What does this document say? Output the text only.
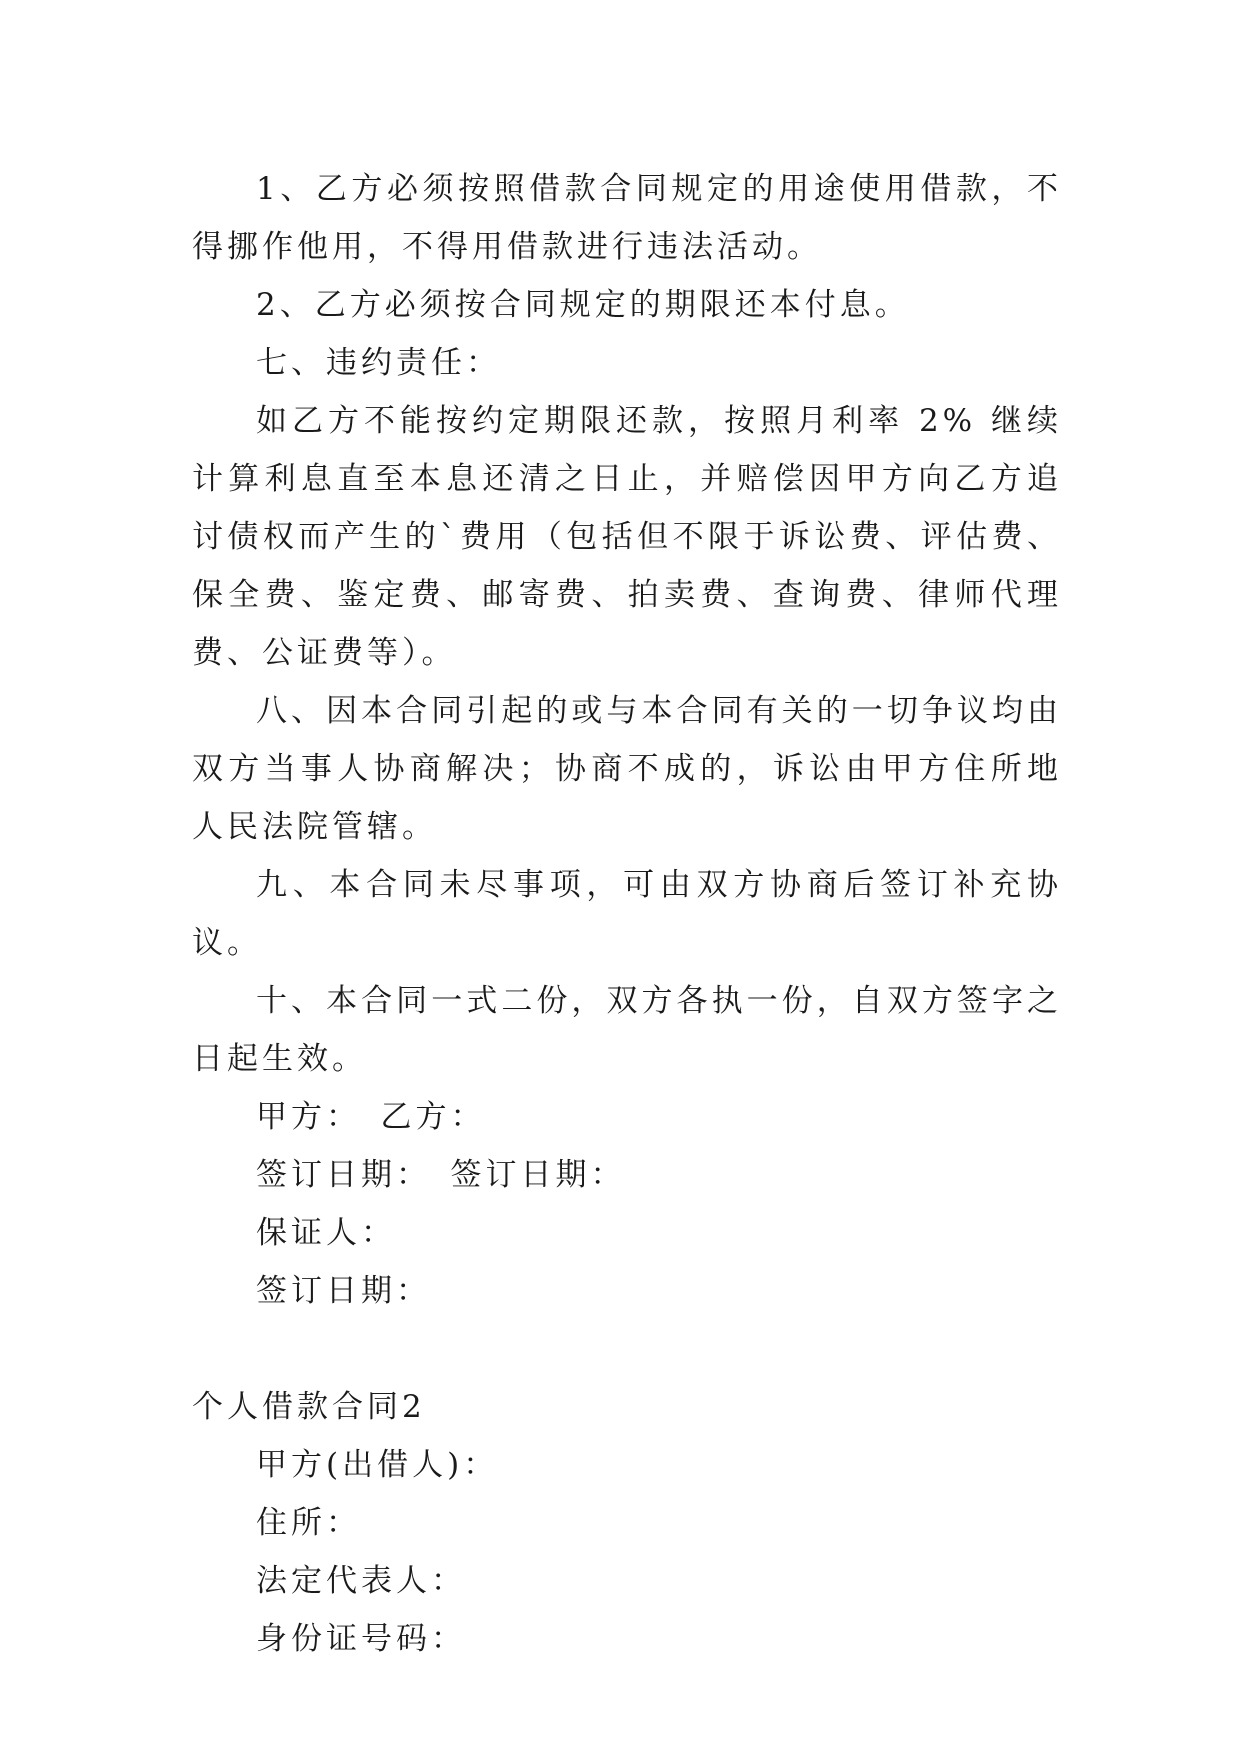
1、乙方必须按照借款合同规定的用途使用借款，不得挪作他用，不得用借款进行违法活动。

2、乙方必须按合同规定的期限还本付息。

七、违约责任：

如乙方不能按约定期限还款，按照月利率 2% 继续计算利息直至本息还清之日止，并赔偿因甲方向乙方追讨债权而产生的`费用（包括但不限于诉讼费、评估费、保全费、鉴定费、邮寄费、拍卖费、查询费、律师代理费、公证费等）。

八、因本合同引起的或与本合同有关的一切争议均由双方当事人协商解决；协商不成的，诉讼由甲方住所地人民法院管辖。

九、本合同未尽事项，可由双方协商后签订补充协议。

十、本合同一式二份，双方各执一份，自双方签字之日起生效。

甲方：　乙方：

签订日期：　签订日期：

保证人：

签订日期：

个人借款合同2

甲方(出借人)：

住所：

法定代表人：

身份证号码：
